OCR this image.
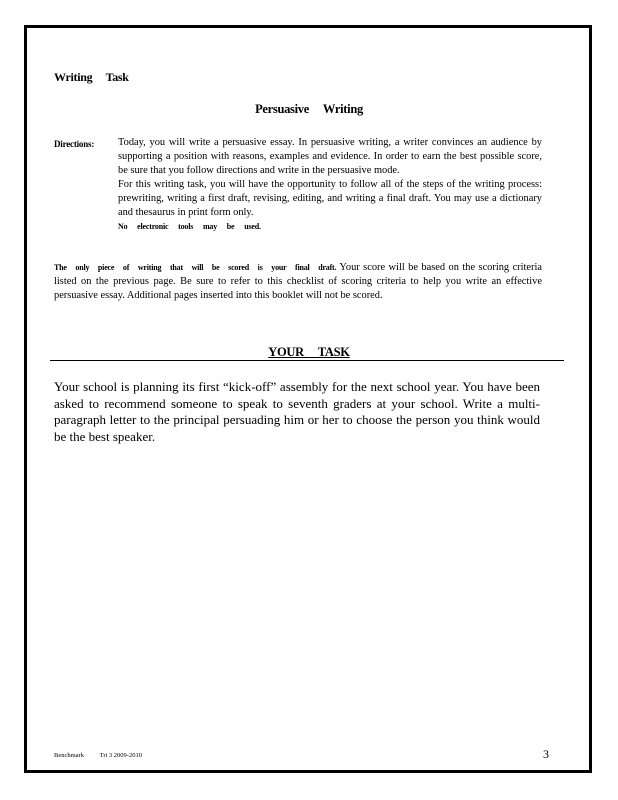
Writing     Task
Persuasive     Writing
Directions: Today, you will write a persuasive essay. In persuasive writing, a writer convinces an audience by supporting a position with reasons, examples and evidence. In order to earn the best possible score, be sure that you follow directions and write in the persuasive mode.

For this writing task, you will have the opportunity to follow all of the steps of the writing process: prewriting, writing a first draft, revising, editing, and writing a final draft. You may use a dictionary and thesaurus in print form only.

No electronic tools may be used.

The only piece of writing that will be scored is your final draft. Your score will be based on the scoring criteria listed on the previous page. Be sure to refer to this checklist of scoring criteria to help you write an effective persuasive essay. Additional pages inserted into this booklet will not be scored.
YOUR     TASK
Your school is planning its first “kick-off” assembly for the next school year. You have been asked to recommend someone to speak to seventh graders at your school. Write a multi-paragraph letter to the principal persuading him or her to choose the person you think would be the best speaker.
Benchmark Tri 3 2009-2010	3
